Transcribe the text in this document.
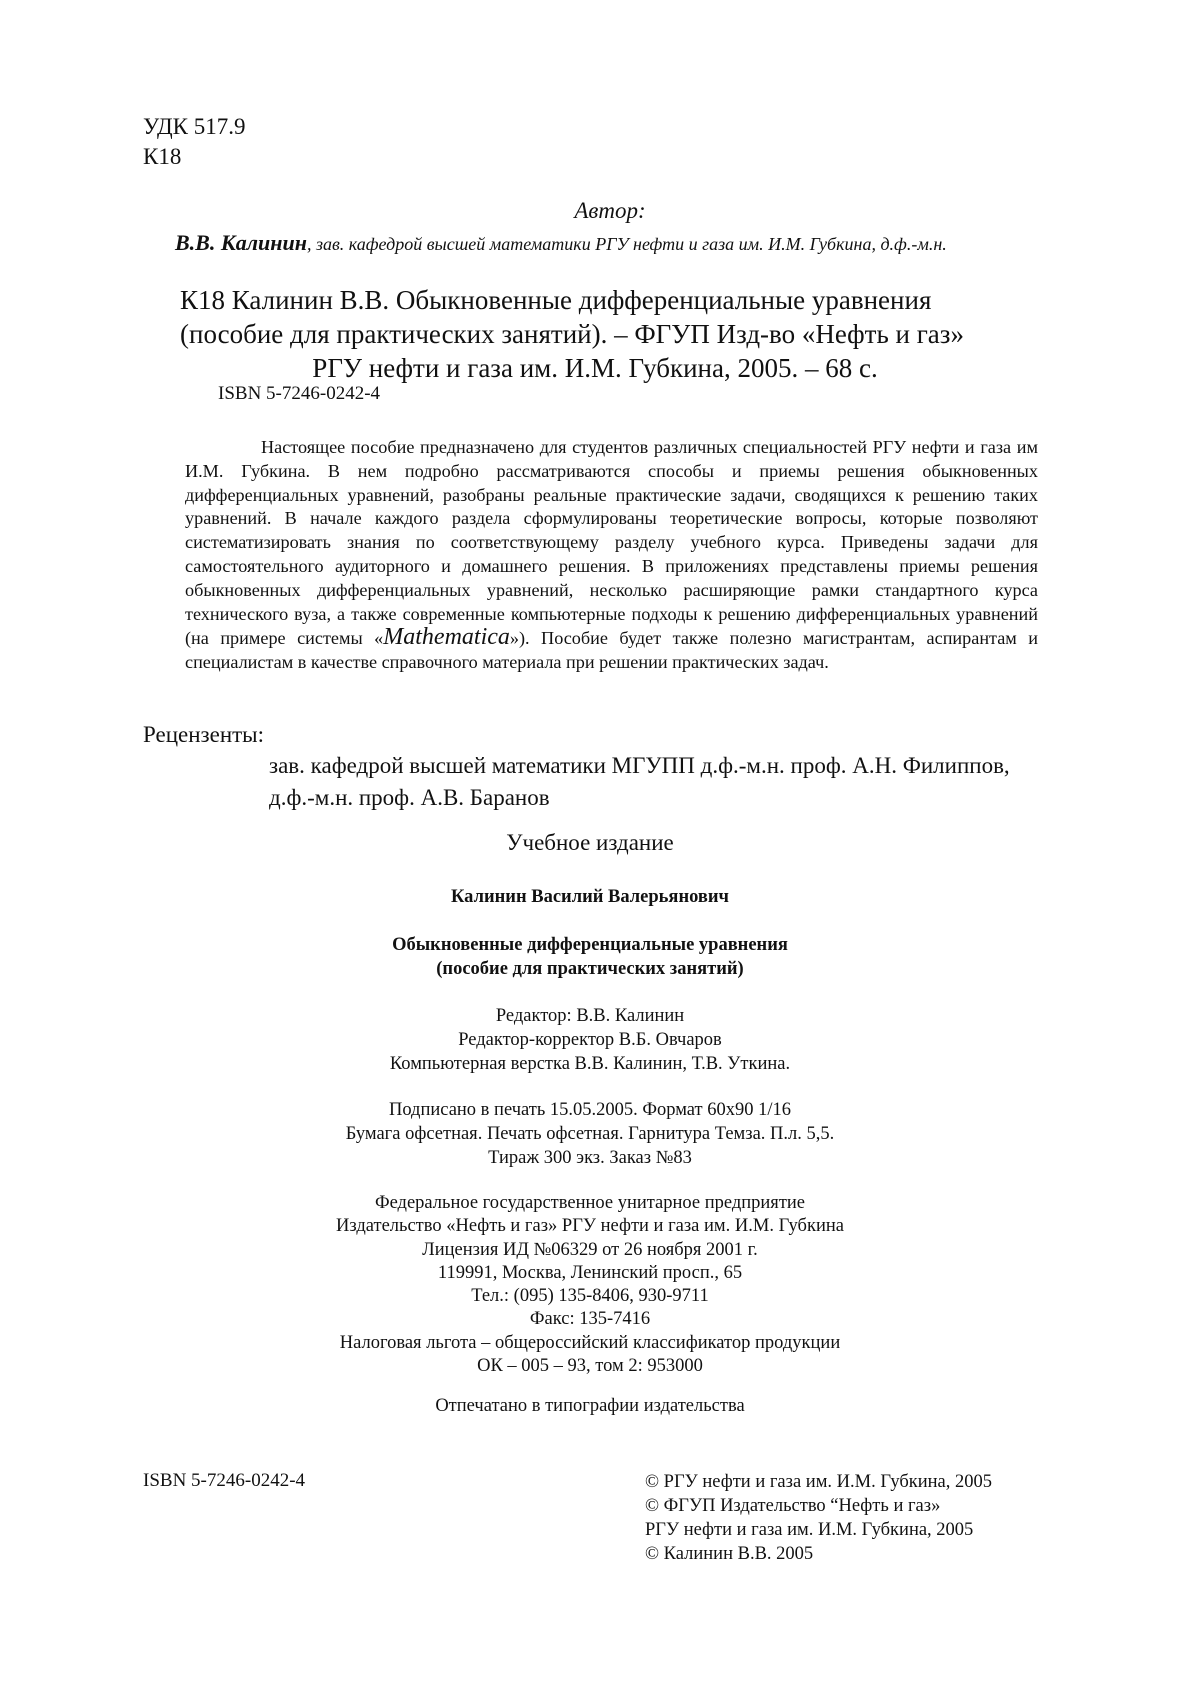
УДК 517.9
К18
Автор:
В.В. Калинин, зав. кафедрой высшей математики РГУ нефти и газа им. И.М. Губкина, д.ф.-м.н.
К18 Калинин В.В. Обыкновенные дифференциальные уравнения
(пособие для практических занятий). – ФГУП Изд-во «Нефть и газ»
РГУ нефти и газа им. И.М. Губкина, 2005. – 68 с.
ISBN 5-7246-0242-4
Настоящее пособие предназначено для студентов различных специальностей РГУ нефти и газа им И.М. Губкина. В нем подробно рассматриваются способы и приемы решения обыкновенных дифференциальных уравнений, разобраны реальные практические задачи, сводящихся к решению таких уравнений. В начале каждого раздела сформулированы теоретические вопросы, которые позволяют систематизировать знания по соответствующему разделу учебного курса. Приведены задачи для самостоятельного аудиторного и домашнего решения. В приложениях представлены приемы решения обыкновенных дифференциальных уравнений, несколько расширяющие рамки стандартного курса технического вуза, а также современные компьютерные подходы к решению дифференциальных уравнений (на примере системы «Mathematica»). Пособие будет также полезно магистрантам, аспирантам и специалистам в качестве справочного материала при решении практических задач.
Рецензенты:
зав. кафедрой высшей математики МГУПП д.ф.-м.н. проф. А.Н. Филиппов,
д.ф.-м.н. проф. А.В. Баранов
Учебное издание
Калинин Василий Валерьянович
Обыкновенные дифференциальные уравнения
(пособие для практических занятий)
Редактор: В.В. Калинин
Редактор-корректор В.Б. Овчаров
Компьютерная верстка В.В. Калинин, Т.В. Уткина.
Подписано в печать 15.05.2005. Формат 60х90 1/16
Бумага офсетная. Печать офсетная. Гарнитура Темза. П.л. 5,5.
Тираж 300 экз. Заказ №83
Федеральное государственное унитарное предприятие
Издательство «Нефть и газ» РГУ нефти и газа им. И.М. Губкина
Лицензия ИД №06329 от 26 ноября 2001 г.
119991, Москва, Ленинский просп., 65
Тел.: (095) 135-8406, 930-9711
Факс: 135-7416
Налоговая льгота – общероссийский классификатор продукции
ОК – 005 – 93, том 2: 953000
Отпечатано в типографии издательства
ISBN 5-7246-0242-4	© РГУ нефти и газа им. И.М. Губкина, 2005
© ФГУП Издательство “Нефть и газ»
РГУ нефти и газа им. И.М. Губкина, 2005
© Калинин В.В. 2005
